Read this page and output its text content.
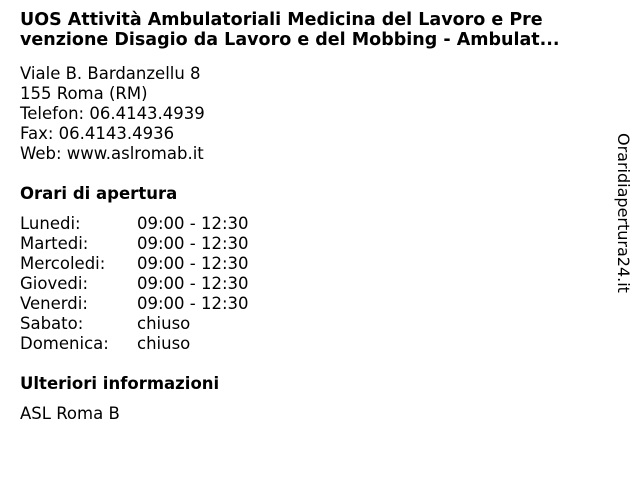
UOS Attività Ambulatoriali Medicina del Lavoro e Pre
venzione Disagio da Lavoro e del Mobbing - Ambulat...
Viale B. Bardanzellu 8
155 Roma (RM)
Telefon: 06.4143.4939
Fax: 06.4143.4936
Web: www.aslromab.it
Orari di apertura
Lunedi:	09:00 - 12:30
Martedi:	09:00 - 12:30
Mercoledi:	09:00 - 12:30
Giovedi:	09:00 - 12:30
Venerdi:	09:00 - 12:30
Sabato:	chiuso
Domenica:	chiuso
Ulteriori informazioni
ASL Roma B
Oraridiapertura24.it
